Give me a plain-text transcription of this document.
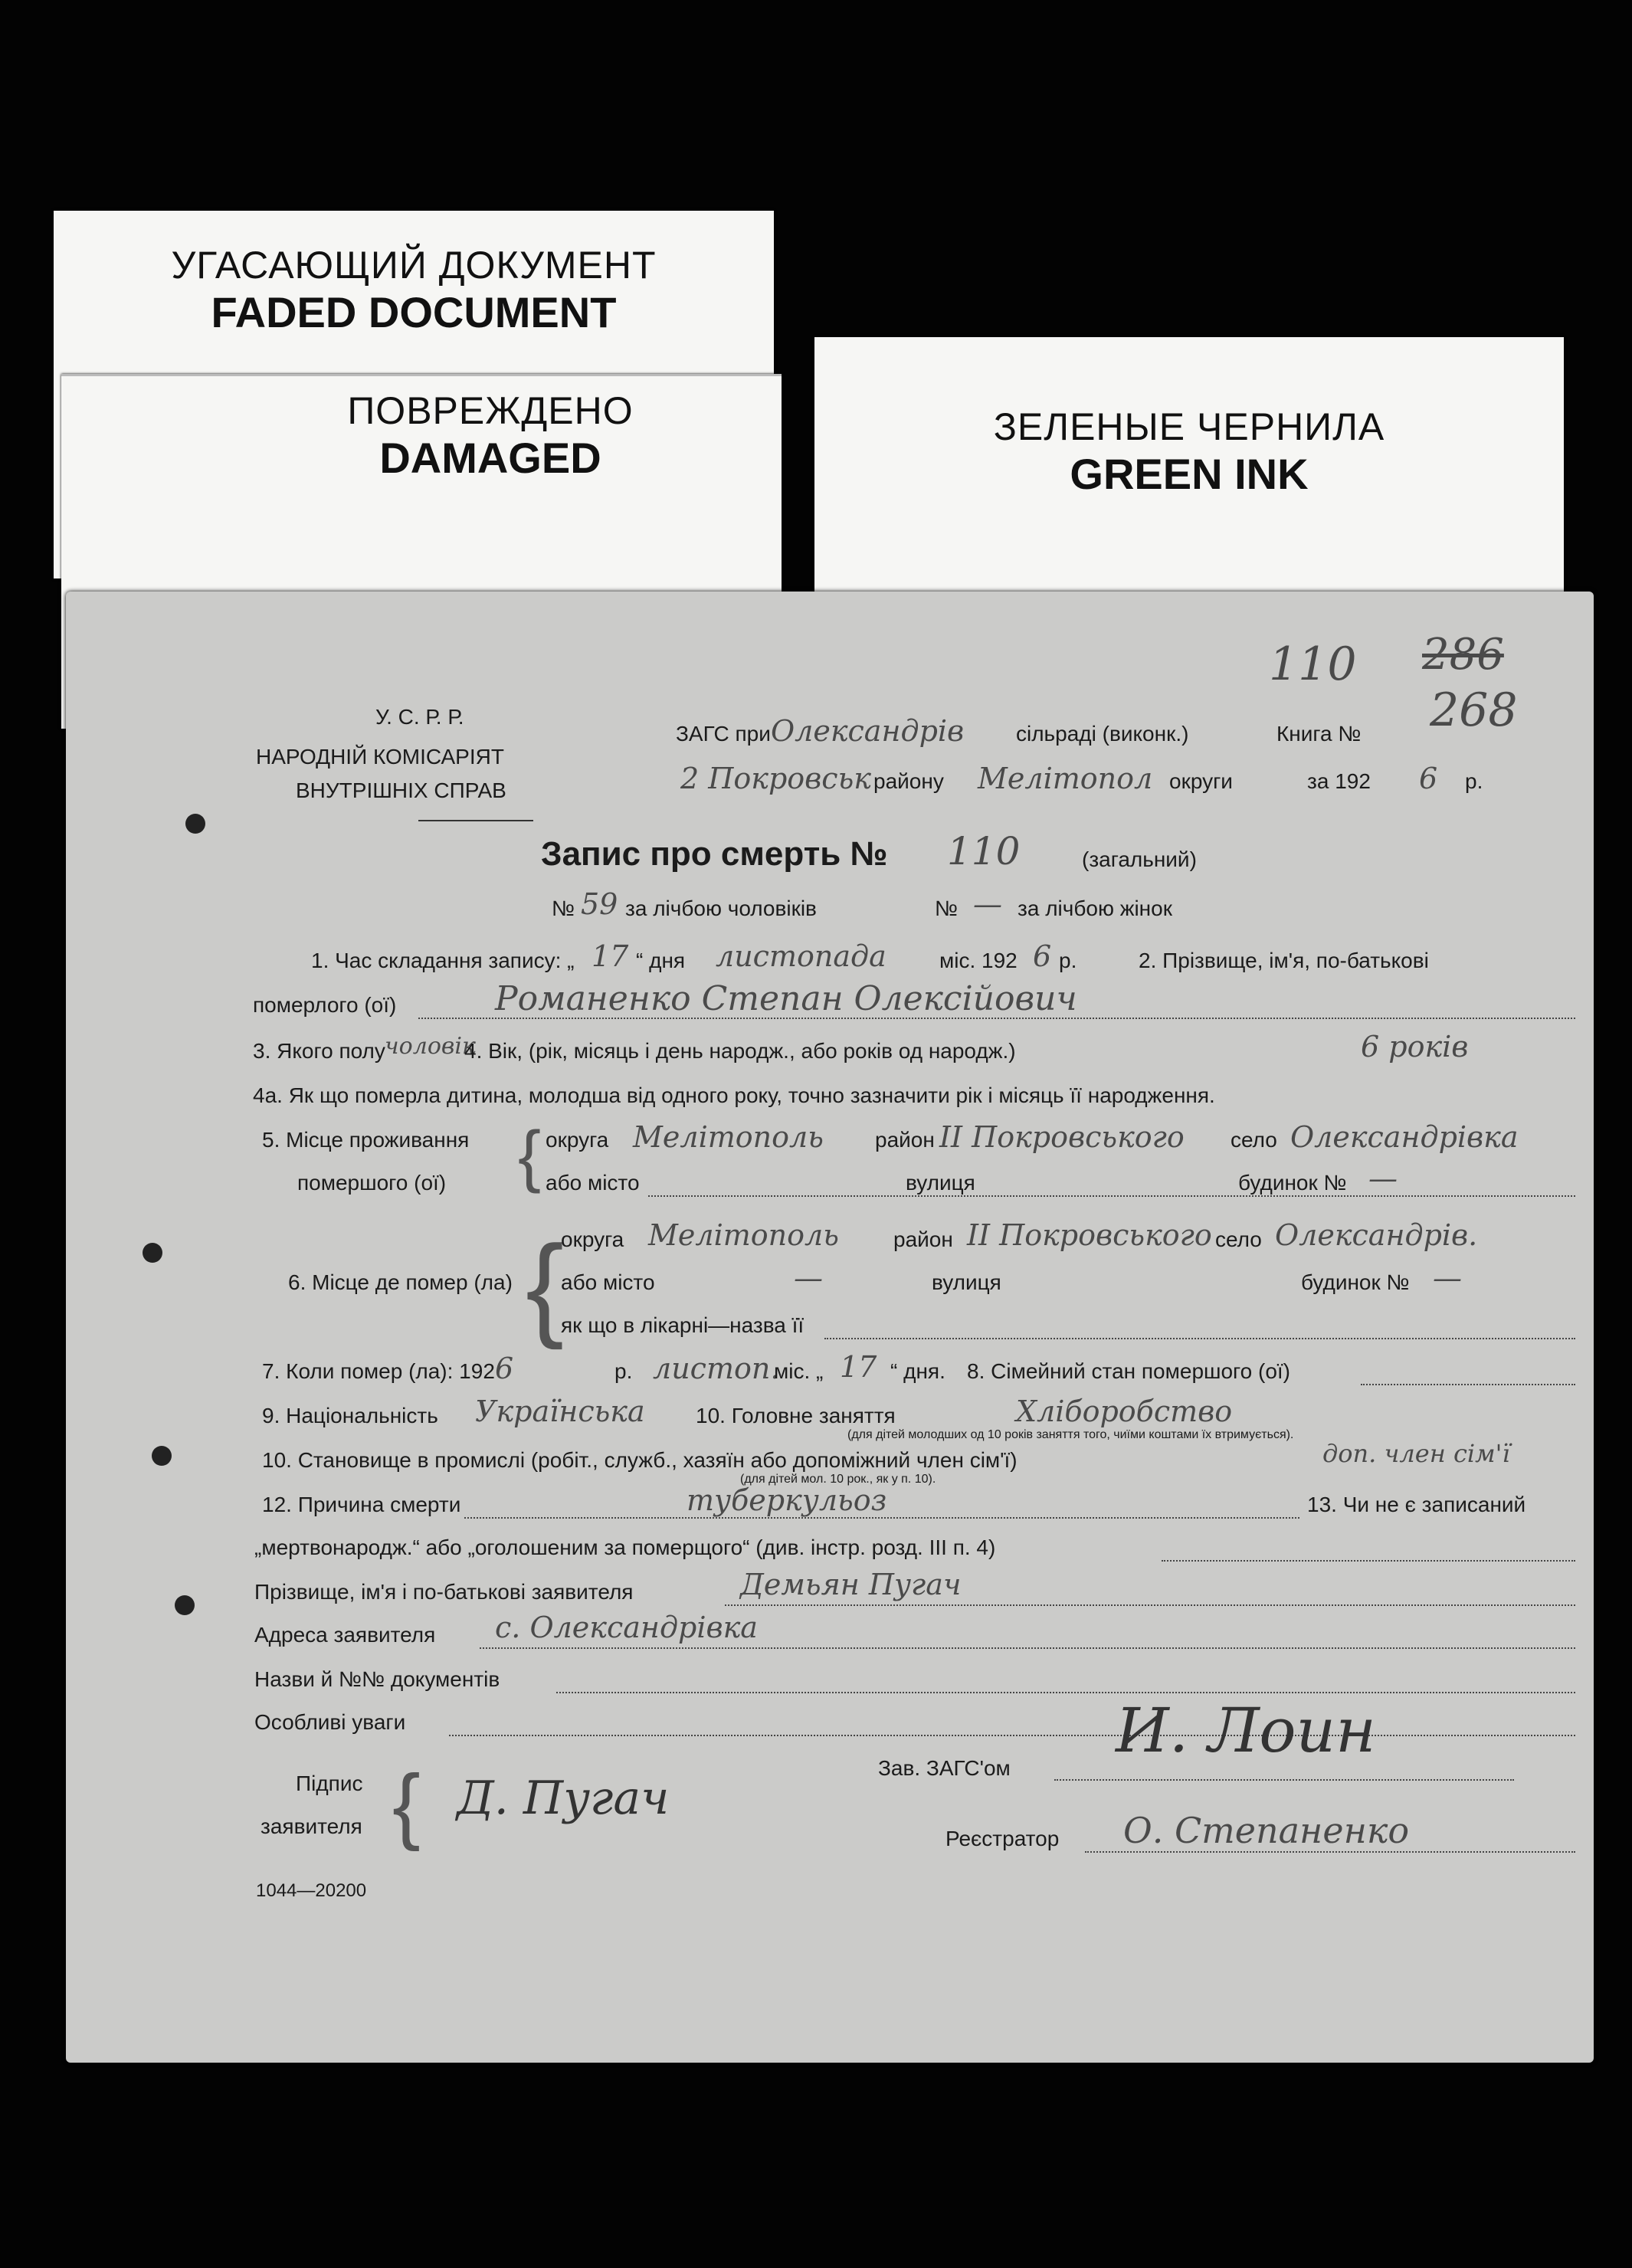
УГАСАЮЩИЙ ДОКУМЕНТ
FADED DOCUMENT
ПОВРЕЖДЕНО
DAMAGED
ЗЕЛЕНЫЕ ЧЕРНИЛА
GREEN INK
110 286
У. С. Р. Р.
НАРОДНІЙ КОМІСАРІЯТ
ВНУТРІШНІХ СПРАВ
ЗАГС при Олександрів сільраді (виконк.)	Книга № 268
2 Покровськ району Мелітопол округи	за 192 6 р.
Запис про смерть № 110	(загальний)
№ 59 за лічбою чоловіків	№ — за лічбою жінок
1. Час складання запису: „ 17 “ дня листопада міс. 192 6 р.	2. Прізвище, ім'я, по-батькові
померлого (ої)	Романенко Степан Олексійович
3. Якого полу чоловік
4. Вік, (рік, місяць і день народж., або років од народж.)	6 років
4а. Як що померла дитина, молодша від одного року, точно зазначити рік і місяць її народження.
5. Місце проживання
помершого (ої) { округа Мелітополь район ІІ Покровського село Олександрівка
або місто	вулиця	будинок № —
6. Місце де помер (ла) {
округа Мелітополь	район ІІ Покровського село Олександрів.
або місто	—	вулиця	будинок № —
як що в лікарні—назва її
7. Коли помер (ла): 192 6	р. листоп.
міс. „ 17 “ дня. 8. Сімейний стан помершого (ої)
9. Національність Українська 10. Головне заняття	Хліборобство
(для дітей молодших од 10 років заняття того, чиїми коштами їх втримується).
10. Становище в промислі (робіт., служб., хазяїн або допоміжний член сім'ї)	доп. член сім'ї
(для дітей мол. 10 рок., як у п. 10).
12. Причина смерти	туберкульоз	13. Чи не є записаний
„мертвонародж.“ або „оголошеним за померщого“ (див. інстр. розд. III п. 4)
Прізвище, ім'я і по-батькові заявителя	Демьян Пугач
Адреса заявителя с. Олександрівка
Назви й №№ документів
Особливі уваги
Підпис
заявителя { Д. Пугач
Зав. ЗАГС'ом
И. Лоин
Реєстратор О. Степаненко
1044—20200
